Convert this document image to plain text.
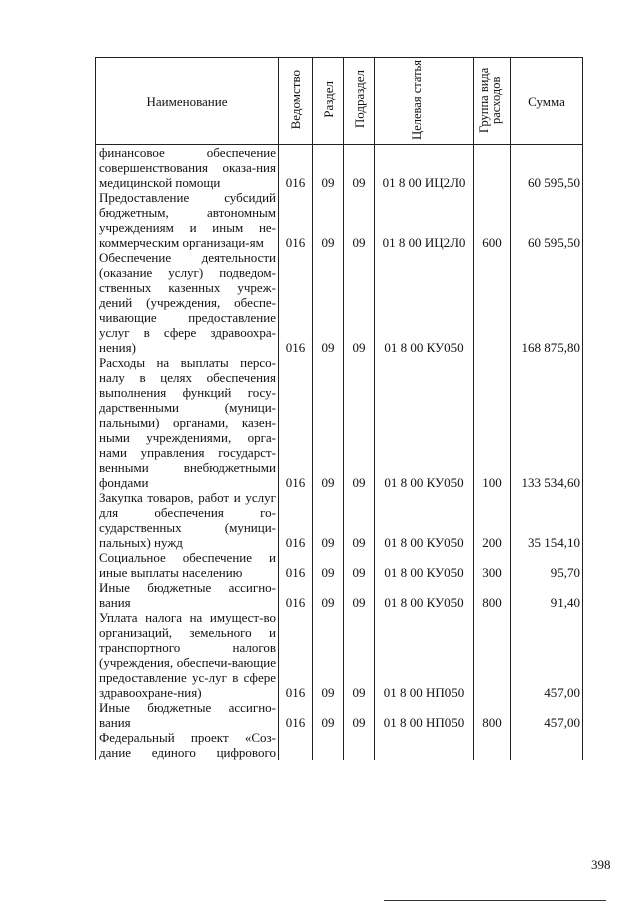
Наименование	Ведомство	Раздел	Подраздел	Целевая статья	Группа вида расходов	Сумма
финансовое обеспечение совершенствования оказа-ния медицинской помощи	016	09	09	01 8 00 ИЦ2Л0		60 595,50
Предоставление субсидий бюджетным, автономным учреждениям и иным не-коммерческим организаци-ям	016	09	09	01 8 00 ИЦ2Л0	600	60 595,50
Обеспечение деятельности (оказание услуг) подведом-ственных казенных учреж-дений (учреждения, обеспе-чивающие предоставление услуг в сфере здравоохра-нения)	016	09	09	01 8 00 КУ050		168 875,80
Расходы на выплаты персо-налу в целях обеспечения выполнения функций госу-дарственными (муници-пальными) органами, казен-ными учреждениями, орга-нами управления государст-венными внебюджетными фондами	016	09	09	01 8 00 КУ050	100	133 534,60
Закупка товаров, работ и услуг для обеспечения го-сударственных (муници-пальных) нужд	016	09	09	01 8 00 КУ050	200	35 154,10
Социальное обеспечение и иные выплаты населению	016	09	09	01 8 00 КУ050	300	95,70
Иные бюджетные ассигно-вания	016	09	09	01 8 00 КУ050	800	91,40
Уплата налога на имущест-во организаций, земельного и транспортного налогов (учреждения, обеспечи-вающие предоставление ус-луг в сфере здравоохране-ния)	016	09	09	01 8 00 НП050		457,00
Иные бюджетные ассигно-вания	016	09	09	01 8 00 НП050	800	457,00
Федеральный проект «Соз-дание единого цифрового						
398
